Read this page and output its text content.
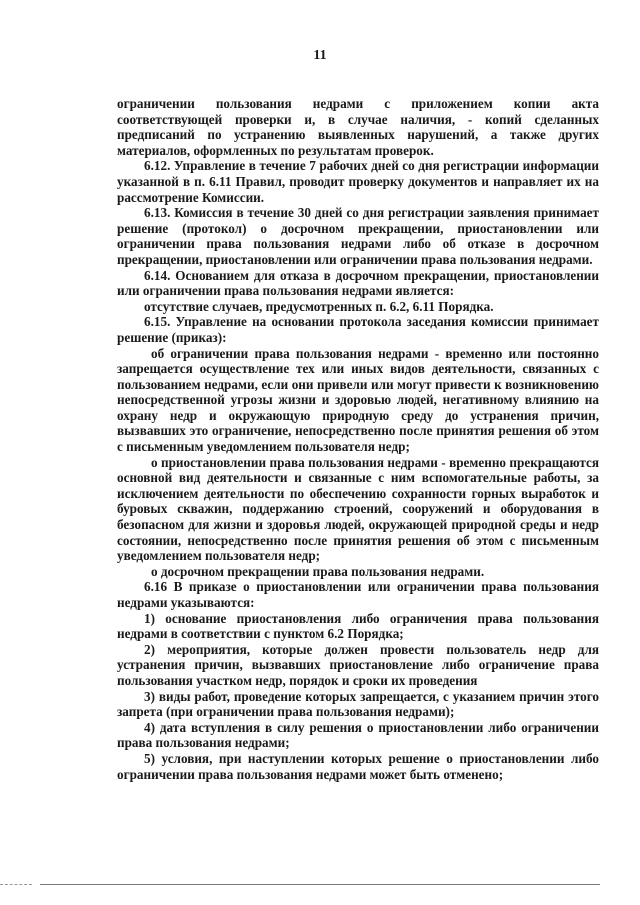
11

ограничении пользования недрами с приложением копии акта соответствующей проверки и, в случае наличия, - копий сделанных предписаний по устранению выявленных нарушений, а также других материалов, оформленных по результатам проверок.

6.12. Управление в течение 7 рабочих дней со дня регистрации информации указанной в п. 6.11 Правил, проводит проверку документов и направляет их на рассмотрение Комиссии.

6.13. Комиссия в течение 30 дней со дня регистрации заявления принимает решение (протокол) о досрочном прекращении, приостановлении или ограничении права пользования недрами либо об отказе в досрочном прекращении, приостановлении или ограничении права пользования недрами.

6.14. Основанием для отказа в досрочном прекращении, приостановлении или ограничении права пользования недрами является:

отсутствие случаев, предусмотренных п. 6.2, 6.11 Порядка.

6.15. Управление на основании протокола заседания комиссии принимает решение (приказ):

об ограничении права пользования недрами - временно или постоянно запрещается осуществление тех или иных видов деятельности, связанных с пользованием недрами, если они привели или могут привести к возникновению непосредственной угрозы жизни и здоровью людей, негативному влиянию на охрану недр и окружающую природную среду до устранения причин, вызвавших это ограничение, непосредственно после принятия решения об этом с письменным уведомлением пользователя недр;

о приостановлении права пользования недрами - временно прекращаются основной вид деятельности и связанные с ним вспомогательные работы, за исключением деятельности по обеспечению сохранности горных выработок и буровых скважин, поддержанию строений, сооружений и оборудования в безопасном для жизни и здоровья людей, окружающей природной среды и недр состоянии, непосредственно после принятия решения об этом с письменным уведомлением пользователя недр;

о досрочном прекращении права пользования недрами.

6.16 В приказе о приостановлении или ограничении права пользования недрами указываются:

1) основание приостановления либо ограничения права пользования недрами в соответствии с пунктом 6.2 Порядка;

2) мероприятия, которые должен провести пользователь недр для устранения причин, вызвавших приостановление либо ограничение права пользования участком недр, порядок и сроки их проведения

3) виды работ, проведение которых запрещается, с указанием причин этого запрета (при ограничении права пользования недрами);

4) дата вступления в силу решения о приостановлении либо ограничении права пользования недрами;

5) условия, при наступлении которых решение о приостановлении либо ограничении права пользования недрами может быть отменено;
